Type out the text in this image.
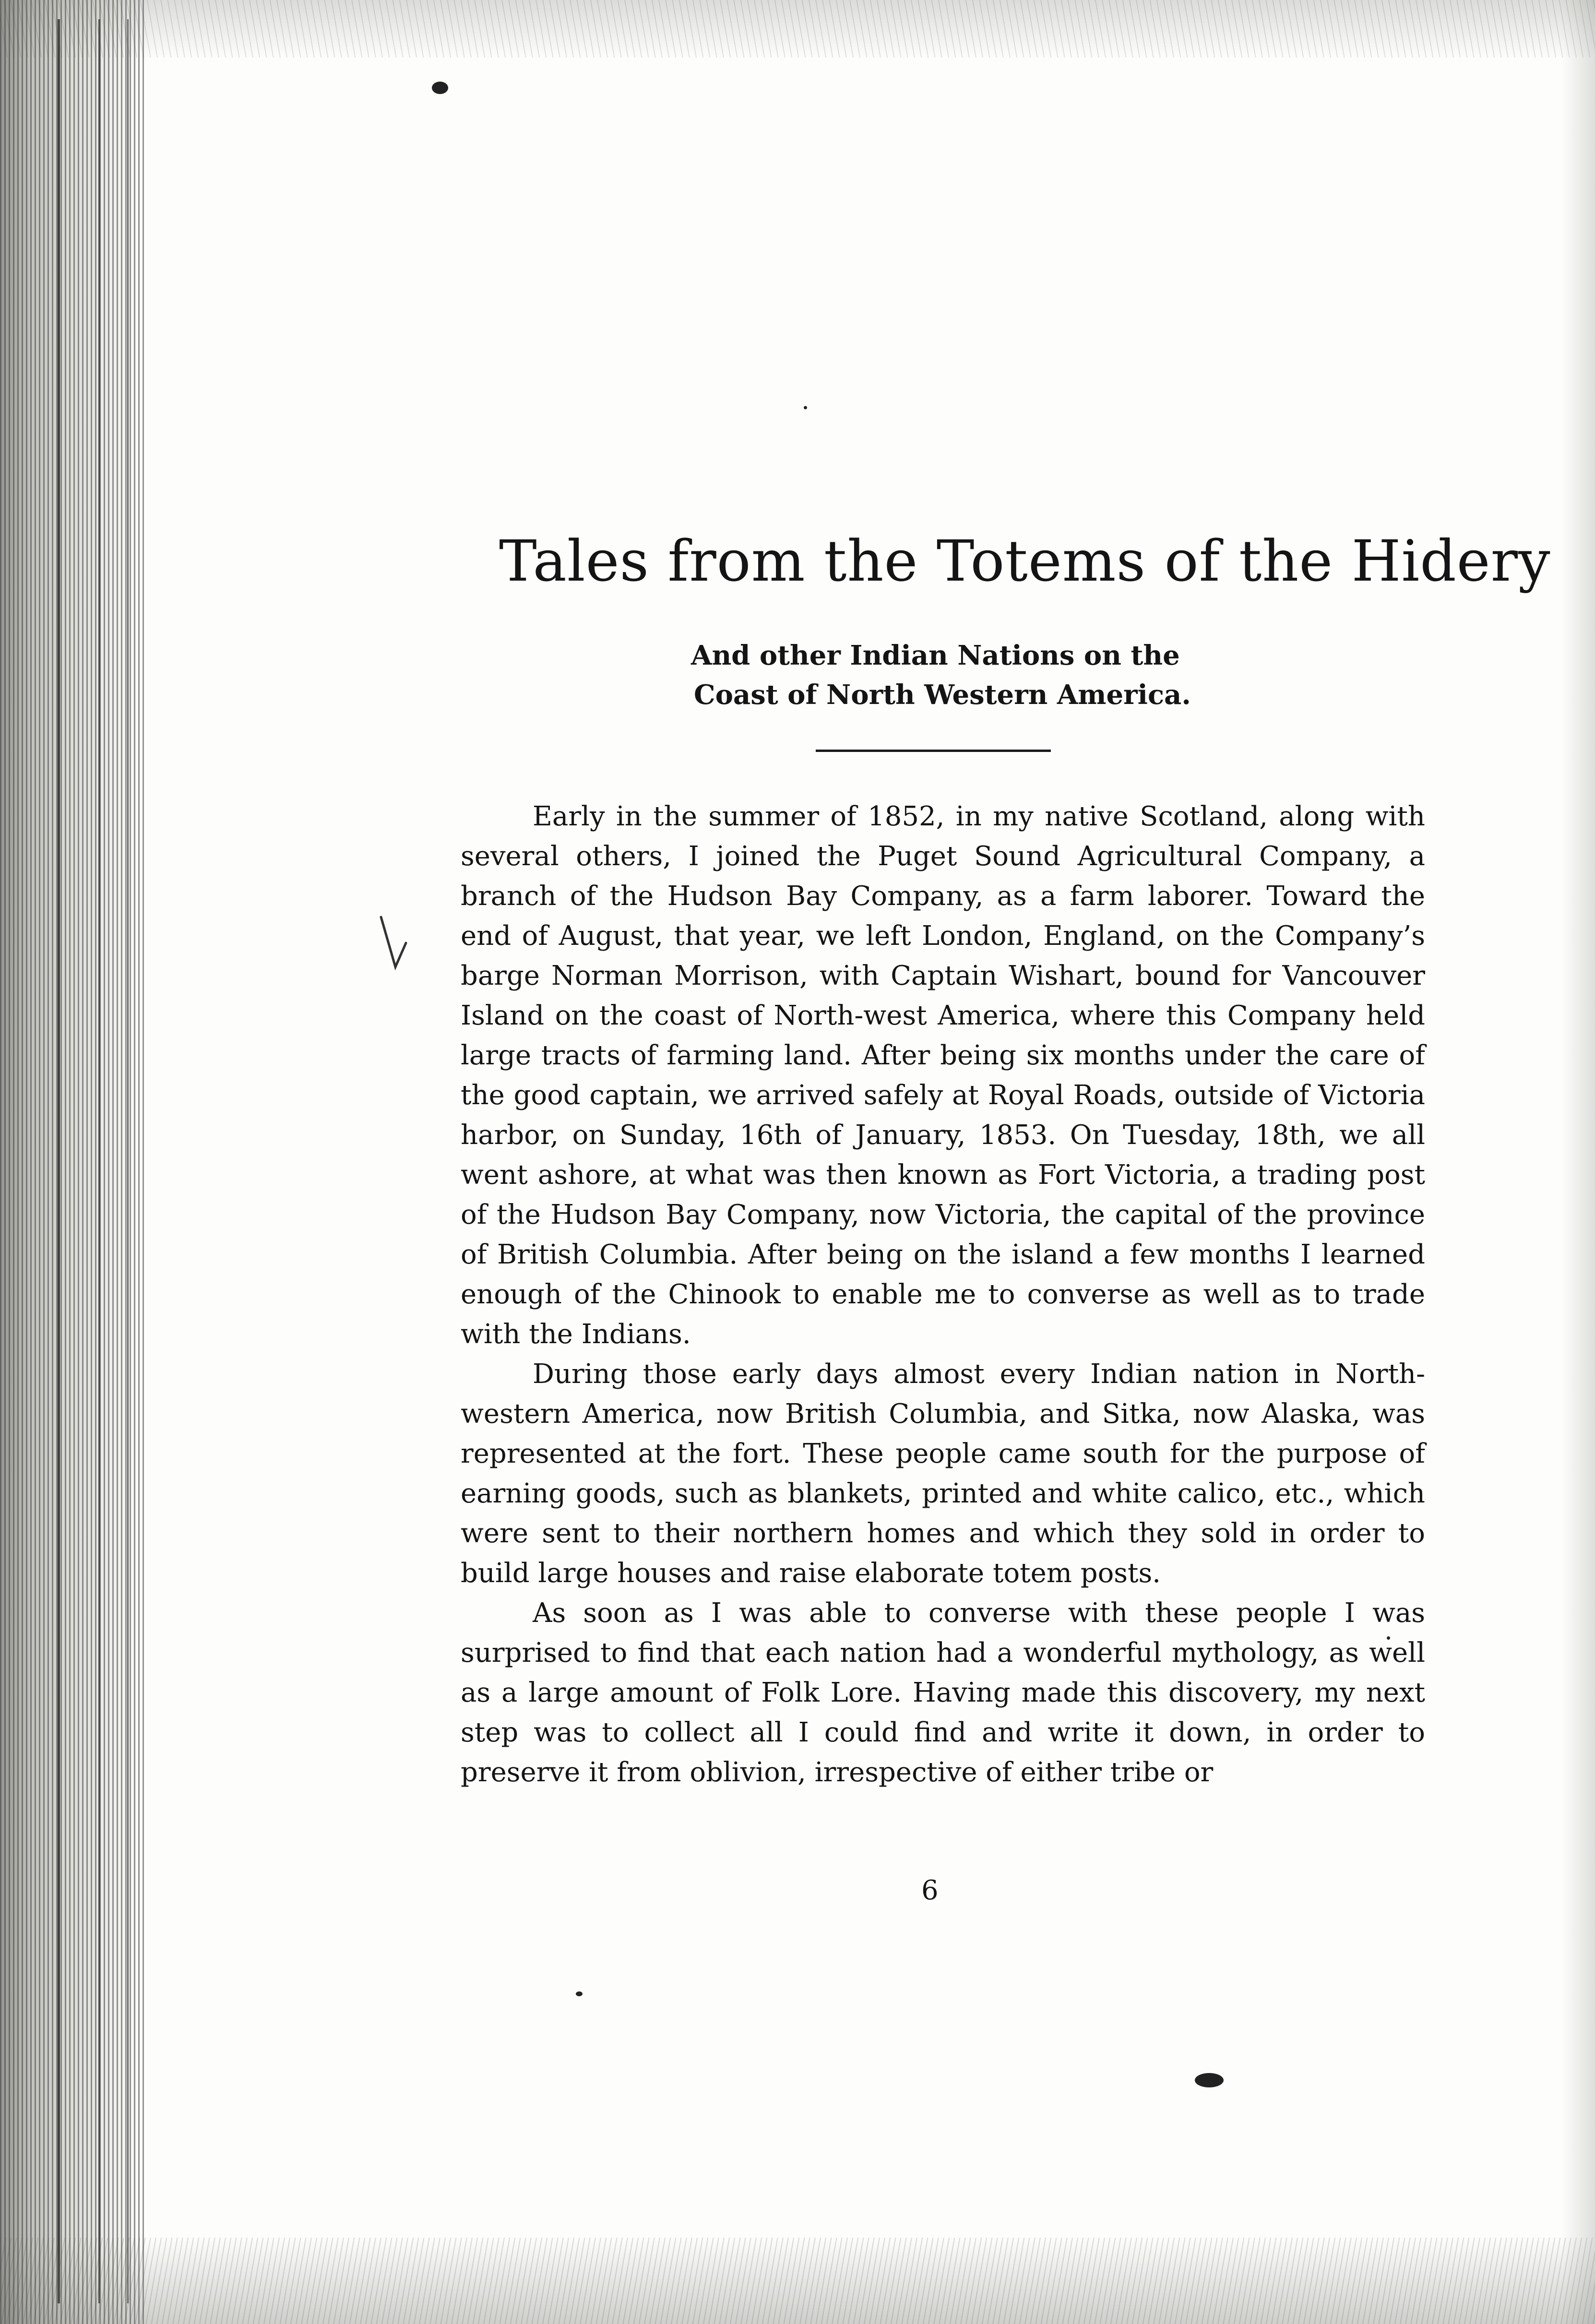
Tales from the Totems of the Hidery
And other Indian Nations on the
Coast of North Western America.

Early in the summer of 1852, in my native Scotland, along with several others, I joined the Puget Sound Agricultural Company, a branch of the Hudson Bay Company, as a farm laborer. Toward the end of August, that year, we left London, England, on the Company’s barge Norman Morrison, with Captain Wishart, bound for Vancouver Island on the coast of North-west America, where this Company held large tracts of farming land. After being six months under the care of the good captain, we arrived safely at Royal Roads, outside of Victoria harbor, on Sunday, 16th of January, 1853. On Tuesday, 18th, we all went ashore, at what was then known as Fort Victoria, a trading post of the Hudson Bay Company, now Victoria, the capital of the province of British Columbia. After being on the island a few months I learned enough of the Chinook to enable me to converse as well as to trade with the Indians.

During those early days almost every Indian nation in North-western America, now British Columbia, and Sitka, now Alaska, was represented at the fort. These people came south for the purpose of earning goods, such as blankets, printed and white calico, etc., which were sent to their northern homes and which they sold in order to build large houses and raise elaborate totem posts.

As soon as I was able to converse with these people I was surprised to find that each nation had a wonderful mythology, as well as a large amount of Folk Lore. Having made this discovery, my next step was to collect all I could find and write it down, in order to preserve it from oblivion, irrespective of either tribe or

6
